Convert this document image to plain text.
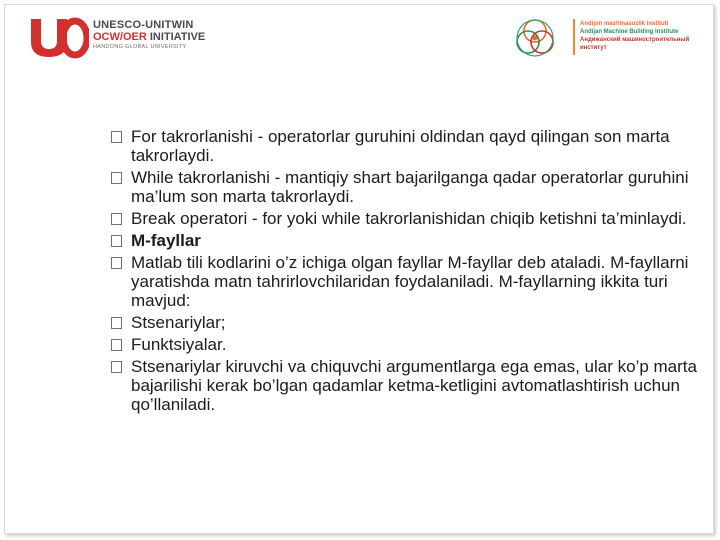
UNESCO-UNITWIN
OCW/OER INITIATIVE
HANDONG GLOBAL UNIVERSITY
Andijon mashinasozlik instituti
Andijan Machine Building Institute
Андижанский машиностроительный
институт
For takrorlanishi - operatorlar guruhini oldindan qayd qilingan son marta takrorlaydi.
While takrorlanishi - mantiqiy shart bajarilganga qadar operatorlar guruhini ma’lum son marta takrorlaydi.
Break operatori - for yoki while takrorlanishidan chiqib ketishni ta’minlaydi.
M-fayllar
Matlab tili kodlarini o’z ichiga olgan fayllar M-fayllar deb ataladi. M-fayllarni yaratishda matn tahrirlovchilaridan foydalaniladi. M-fayllarning ikkita turi mavjud:
Stsenariylar;
Funktsiyalar.
Stsenariylar kiruvchi va chiquvchi argumentlarga ega emas, ular ko’p marta bajarilishi kerak bo’lgan qadamlar ketma-ketligini avtomatlashtirish uchun qo’llaniladi.
